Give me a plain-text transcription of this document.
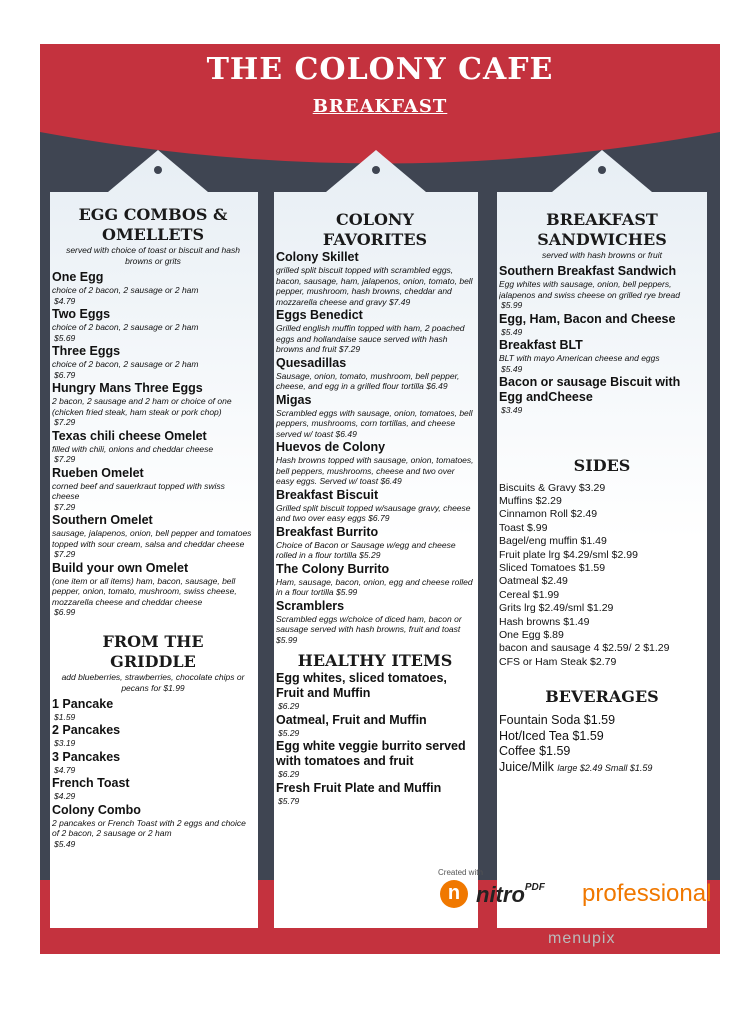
THE COLONY CAFE
BREAKFAST
EGG COMBOS &
OMELLETS
served with choice of toast or biscuit and hash browns or grits
One Egg
choice of 2 bacon, 2 sausage or 2 ham
$4.79
Two Eggs
choice of 2 bacon, 2 sausage or 2 ham
$5.69
Three Eggs
choice of 2 bacon, 2 sausage or 2 ham
$6.79
Hungry Mans Three Eggs
2 bacon, 2 sausage and 2 ham or choice of one (chicken fried steak, ham steak or pork chop)
$7.29
Texas chili cheese Omelet
filled with chili, onions and cheddar cheese
$7.29
Rueben Omelet
corned beef and sauerkraut topped with swiss cheese
$7.29
Southern Omelet
sausage, jalapenos, onion, bell pepper and tomatoes topped with sour cream, salsa and cheddar cheese
$7.29
Build your own Omelet
(one item or all items) ham, bacon, sausage, bell pepper, onion, tomato, mushroom, swiss cheese, mozzarella cheese and cheddar cheese
$6.99
FROM THE
GRIDDLE
add blueberries, strawberries, chocolate chips or pecans for $1.99
1 Pancake
$1.59
2 Pancakes
$3.19
3 Pancakes
$4.79
French Toast
$4.29
Colony Combo
2 pancakes or French Toast with 2 eggs and choice of 2 bacon, 2 sausage or 2 ham
$5.49
COLONY
FAVORITES
Colony Skillet
grilled split biscuit topped with scrambled eggs, bacon, sausage, ham, jalapenos, onion, tomato, bell pepper, mushroom, hash browns, cheddar and mozzarella cheese and gravy $7.49
Eggs Benedict
Grilled english muffin topped with ham, 2 poached eggs and hollandaise sauce served with hash browns and fruit $7.29
Quesadillas
Sausage, onion, tomato, mushroom, bell pepper, cheese, and egg in a grilled flour tortilla $6.49
Migas
Scrambled eggs with sausage, onion, tomatoes, bell peppers, mushrooms, corn tortillas, and cheese served w/ toast $6.49
Huevos de Colony
Hash browns topped with sausage, onion, tomatoes, bell peppers, mushrooms, cheese and two over easy eggs. Served w/ toast $6.49
Breakfast Biscuit
Grilled split biscuit topped w/sausage gravy, cheese and two over easy eggs $6.79
Breakfast Burrito
Choice of Bacon or Sausage w/egg and cheese rolled in a flour tortilla $5.29
The Colony Burrito
Ham, sausage, bacon, onion, egg and cheese rolled in a flour tortilla $5.99
Scramblers
Scrambled eggs w/choice of diced ham, bacon or sausage served with hash browns, fruit and toast $5.99
HEALTHY ITEMS
Egg whites, sliced tomatoes, Fruit and Muffin
$6.29
Oatmeal, Fruit and Muffin
$5.29
Egg white veggie burrito served with tomatoes and fruit
$6.29
Fresh Fruit Plate and Muffin
$5.79
BREAKFAST
SANDWICHES
served with hash browns or fruit
Southern Breakfast Sandwich
Egg whites with sausage, onion, bell peppers, jalapenos and swiss cheese on grilled rye bread
$5.99
Egg, Ham, Bacon and Cheese
$5.49
Breakfast BLT
BLT with mayo American cheese and eggs
$5.49
Bacon or sausage Biscuit with Egg andCheese
$3.49
SIDES
Biscuits & Gravy $3.29
Muffins $2.29
Cinnamon Roll $2.49
Toast $.99
Bagel/eng muffin $1.49
Fruit plate lrg $4.29/sml $2.99
Sliced Tomatoes $1.59
Oatmeal $2.49
Cereal $1.99
Grits lrg $2.49/sml $1.29
Hash browns $1.49
One Egg $.89
bacon and sausage 4 $2.59/ 2 $1.29
CFS or Ham Steak $2.79
BEVERAGES
Fountain Soda $1.59
Hot/Iced Tea $1.59
Coffee $1.59
Juice/Milk large $2.49 Small $1.59
Created with
n nitro$^{PDF}$ professional
menupix
